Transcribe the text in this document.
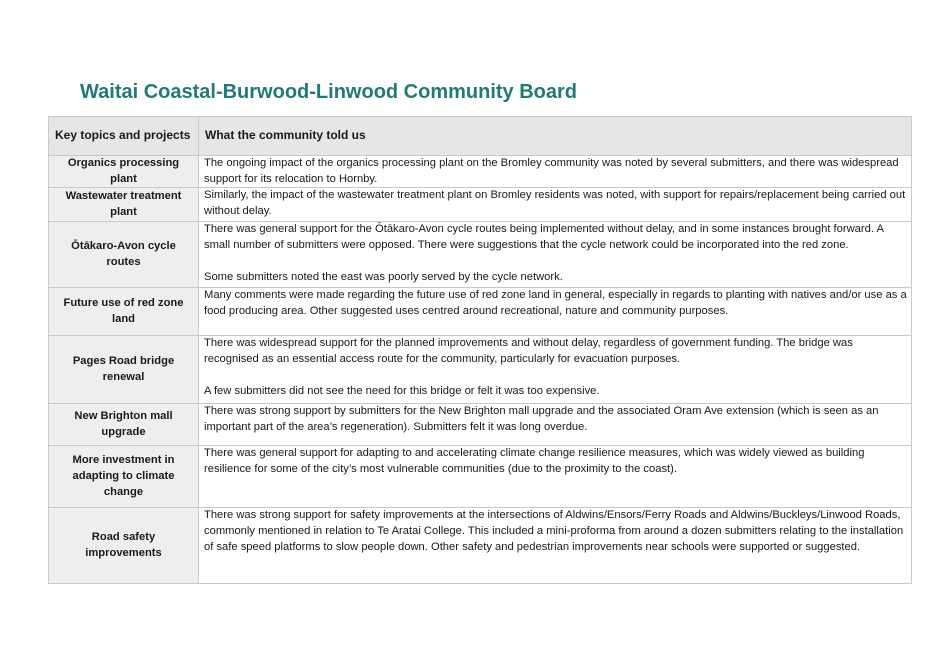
Waitai Coastal-Burwood-Linwood Community Board
Key topics and projects	What the community told us
Organics processing plant	The ongoing impact of the organics processing plant on the Bromley community was noted by several submitters, and there was widespread support for its relocation to Hornby.

Wastewater treatment plant	Similarly, the impact of the wastewater treatment plant on Bromley residents was noted, with support for repairs/replacement being carried out without delay.

Ōtākaro-Avon cycle routes	There was general support for the Ōtākaro-Avon cycle routes being implemented without delay, and in some instances brought forward. A small number of submitters were opposed. There were suggestions that the cycle network could be incorporated into the red zone.

Some submitters noted the east was poorly served by the cycle network.

Future use of red zone land	Many comments were made regarding the future use of red zone land in general, especially in regards to planting with natives and/or use as a food producing area. Other suggested uses centred around recreational, nature and community purposes.

Pages Road bridge renewal	There was widespread support for the planned improvements and without delay, regardless of government funding. The bridge was recognised as an essential access route for the community, particularly for evacuation purposes.

A few submitters did not see the need for this bridge or felt it was too expensive.

New Brighton mall upgrade	There was strong support by submitters for the New Brighton mall upgrade and the associated Oram Ave extension (which is seen as an important part of the area’s regeneration). Submitters felt it was long overdue.

More investment in adapting to climate change	There was general support for adapting to and accelerating climate change resilience measures, which was widely viewed as building resilience for some of the city’s most vulnerable communities (due to the proximity to the coast).

Road safety improvements	There was strong support for safety improvements at the intersections of Aldwins/Ensors/Ferry Roads and Aldwins/Buckleys/Linwood Roads, commonly mentioned in relation to Te Aratai College. This included a mini-proforma from around a dozen submitters relating to the installation of safe speed platforms to slow people down. Other safety and pedestrian improvements near schools were supported or suggested.
